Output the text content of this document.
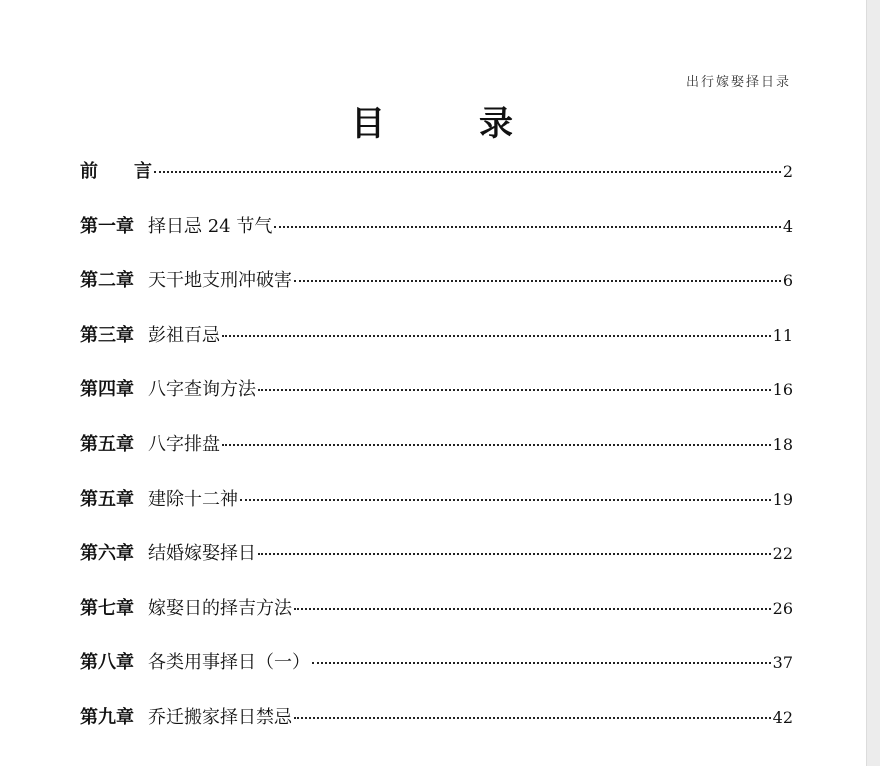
出行嫁娶择日录
目	录
前　　言	2
第一章 择日忌 24 节气	4
第二章 天干地支刑冲破害	6
第三章 彭祖百忌	11
第四章 八字查询方法	16
第五章 八字排盘	18
第五章 建除十二神	19
第六章 结婚嫁娶择日	22
第七章 嫁娶日的择吉方法	26
第八章 各类用事择日（一）	37
第九章 乔迁搬家择日禁忌	42
